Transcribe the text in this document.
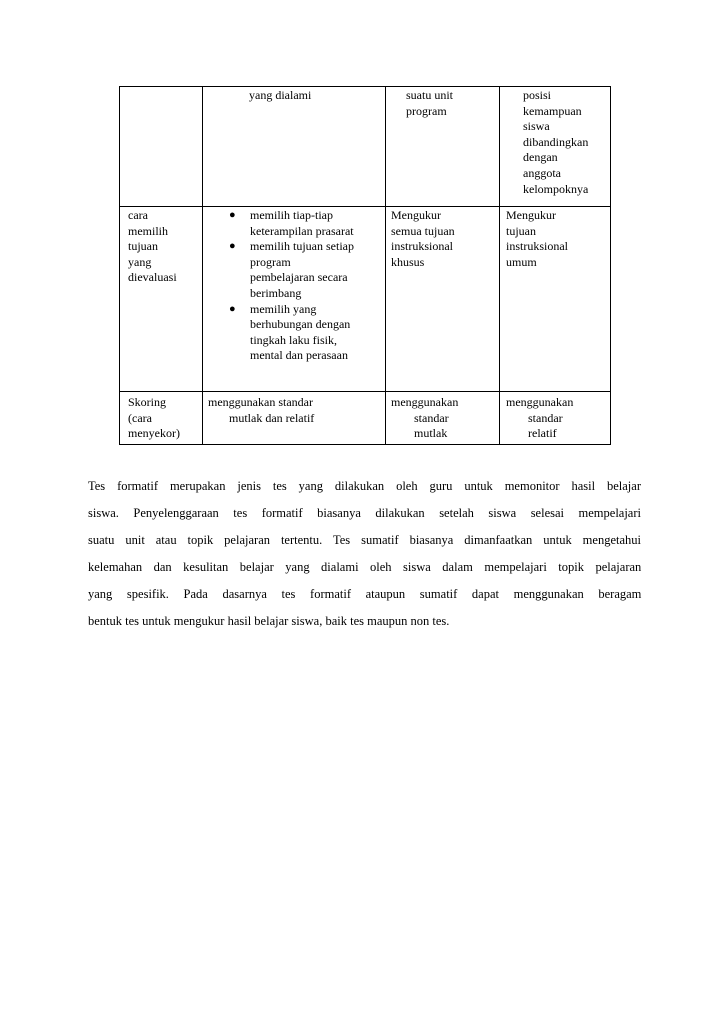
yang dialami	suatu unit
program
posisi
kemampuan
siswa
dibandingkan
dengan
anggota
kelompoknya
cara
memilih
tujuan
yang
dievaluasi
● memilih tiap-tiap
keterampilan prasarat
● memilih tujuan setiap
program
pembelajaran secara
berimbang
● memilih yang
berhubungan dengan
tingkah laku fisik,
mental dan perasaan
Mengukur
semua tujuan
instruksional
khusus
Mengukur
tujuan
instruksional
umum
Skoring
(cara
menyekor)
menggunakan standar
mutlak dan relatif
menggunakan
standar
mutlak
menggunakan
standar
relatif
Tes formatif merupakan jenis tes yang dilakukan oleh guru untuk memonitor hasil belajar
siswa. Penyelenggaraan tes formatif biasanya dilakukan setelah siswa selesai mempelajari
suatu unit atau topik pelajaran tertentu. Tes sumatif biasanya dimanfaatkan untuk mengetahui
kelemahan dan kesulitan belajar yang dialami oleh siswa dalam mempelajari topik pelajaran
yang spesifik. Pada dasarnya tes formatif ataupun sumatif dapat menggunakan beragam
bentuk tes untuk mengukur hasil belajar siswa, baik tes maupun non tes.
